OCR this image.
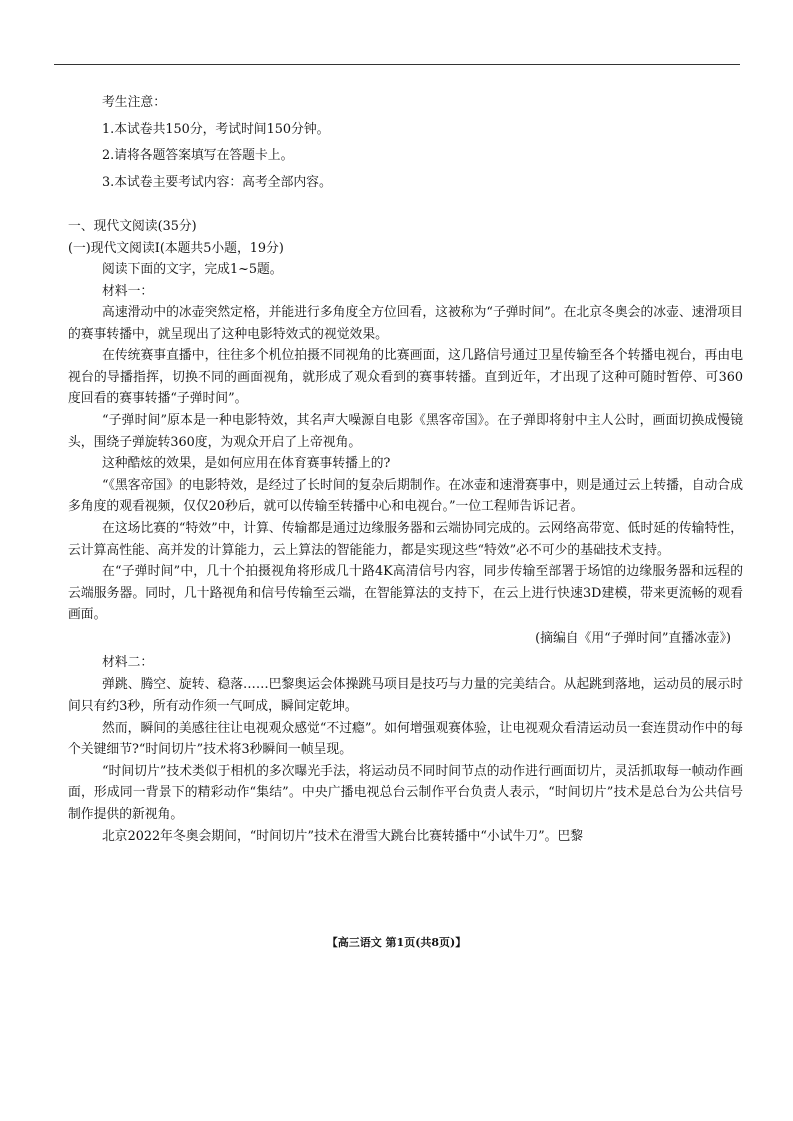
考生注意：
1.本试卷共150分，考试时间150分钟。
2.请将各题答案填写在答题卡上。
3.本试卷主要考试内容：高考全部内容。
一、现代文阅读(35分)
(一)现代文阅读Ⅰ(本题共5小题，19分)
阅读下面的文字，完成1~5题。
材料一：

高速滑动中的冰壶突然定格，并能进行多角度全方位回看，这被称为“子弹时间”。在北京冬奥会的冰壶、速滑项目的赛事转播中，就呈现出了这种电影特效式的视觉效果。

在传统赛事直播中，往往多个机位拍摄不同视角的比赛画面，这几路信号通过卫星传输至各个转播电视台，再由电视台的导播指挥，切换不同的画面视角，就形成了观众看到的赛事转播。直到近年，才出现了这种可随时暂停、可360度回看的赛事转播“子弹时间”。

“子弹时间”原本是一种电影特效，其名声大噪源自电影《黑客帝国》。在子弹即将射中主人公时，画面切换成慢镜头，围绕子弹旋转360度，为观众开启了上帝视角。

这种酷炫的效果，是如何应用在体育赛事转播上的?

“《黑客帝国》的电影特效，是经过了长时间的复杂后期制作。在冰壶和速滑赛事中，则是通过云上转播，自动合成多角度的观看视频，仅仅20秒后，就可以传输至转播中心和电视台。”一位工程师告诉记者。

在这场比赛的“特效”中，计算、传输都是通过边缘服务器和云端协同完成的。云网络高带宽、低时延的传输特性，云计算高性能、高并发的计算能力，云上算法的智能能力，都是实现这些“特效”必不可少的基础技术支持。

在“子弹时间”中，几十个拍摄视角将形成几十路4K高清信号内容，同步传输至部署于场馆的边缘服务器和远程的云端服务器。同时，几十路视角和信号传输至云端，在智能算法的支持下，在云上进行快速3D建模，带来更流畅的观看画面。

(摘编自《用“子弹时间”直播冰壶》)
材料二：

弹跳、腾空、旋转、稳落……巴黎奥运会体操跳马项目是技巧与力量的完美结合。从起跳到落地，运动员的展示时间只有约3秒，所有动作须一气呵成，瞬间定乾坤。

然而，瞬间的美感往往让电视观众感觉“不过瘾”。如何增强观赛体验，让电视观众看清运动员一套连贯动作中的每个关键细节?“时间切片”技术将3秒瞬间一帧呈现。

“时间切片”技术类似于相机的多次曝光手法，将运动员不同时间节点的动作进行画面切片，灵活抓取每一帧动作画面，形成同一背景下的精彩动作“集结”。中央广播电视总台云制作平台负责人表示，“时间切片”技术是总台为公共信号制作提供的新视角。

北京2022年冬奥会期间，“时间切片”技术在滑雪大跳台比赛转播中“小试牛刀”。巴黎

【高三语文 第1页(共8页)】
